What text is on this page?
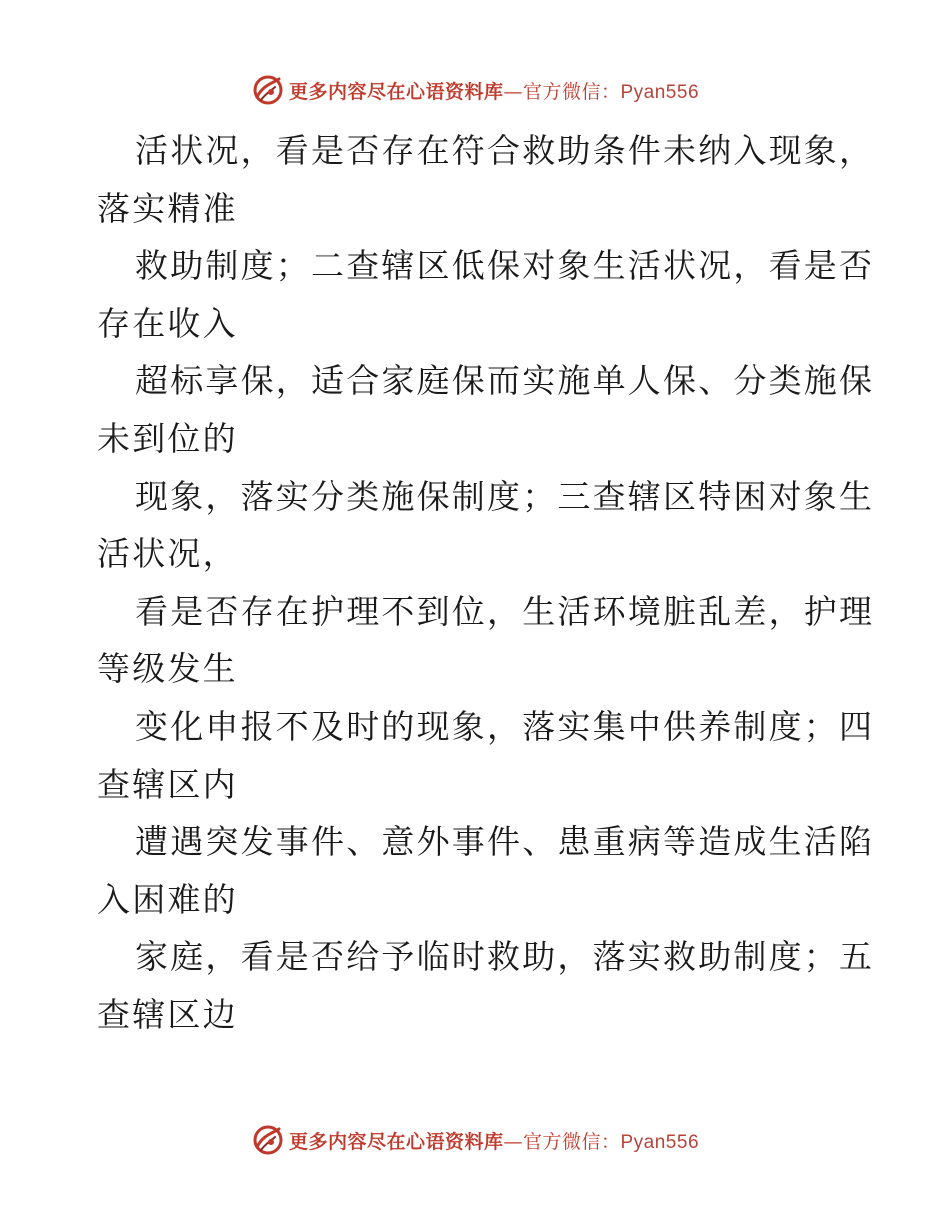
更多内容尽在心语资料库—官方微信：Pyan556
活状况，看是否存在符合救助条件未纳入现象，
落实精准
救助制度；二查辖区低保对象生活状况，看是否
存在收入
超标享保，适合家庭保而实施单人保、分类施保
未到位的
现象，落实分类施保制度；三查辖区特困对象生
活状况，
看是否存在护理不到位，生活环境脏乱差，护理
等级发生
变化申报不及时的现象，落实集中供养制度；四
查辖区内
遭遇突发事件、意外事件、患重病等造成生活陷
入困难的
家庭，看是否给予临时救助，落实救助制度；五
查辖区边
更多内容尽在心语资料库—官方微信：Pyan556
